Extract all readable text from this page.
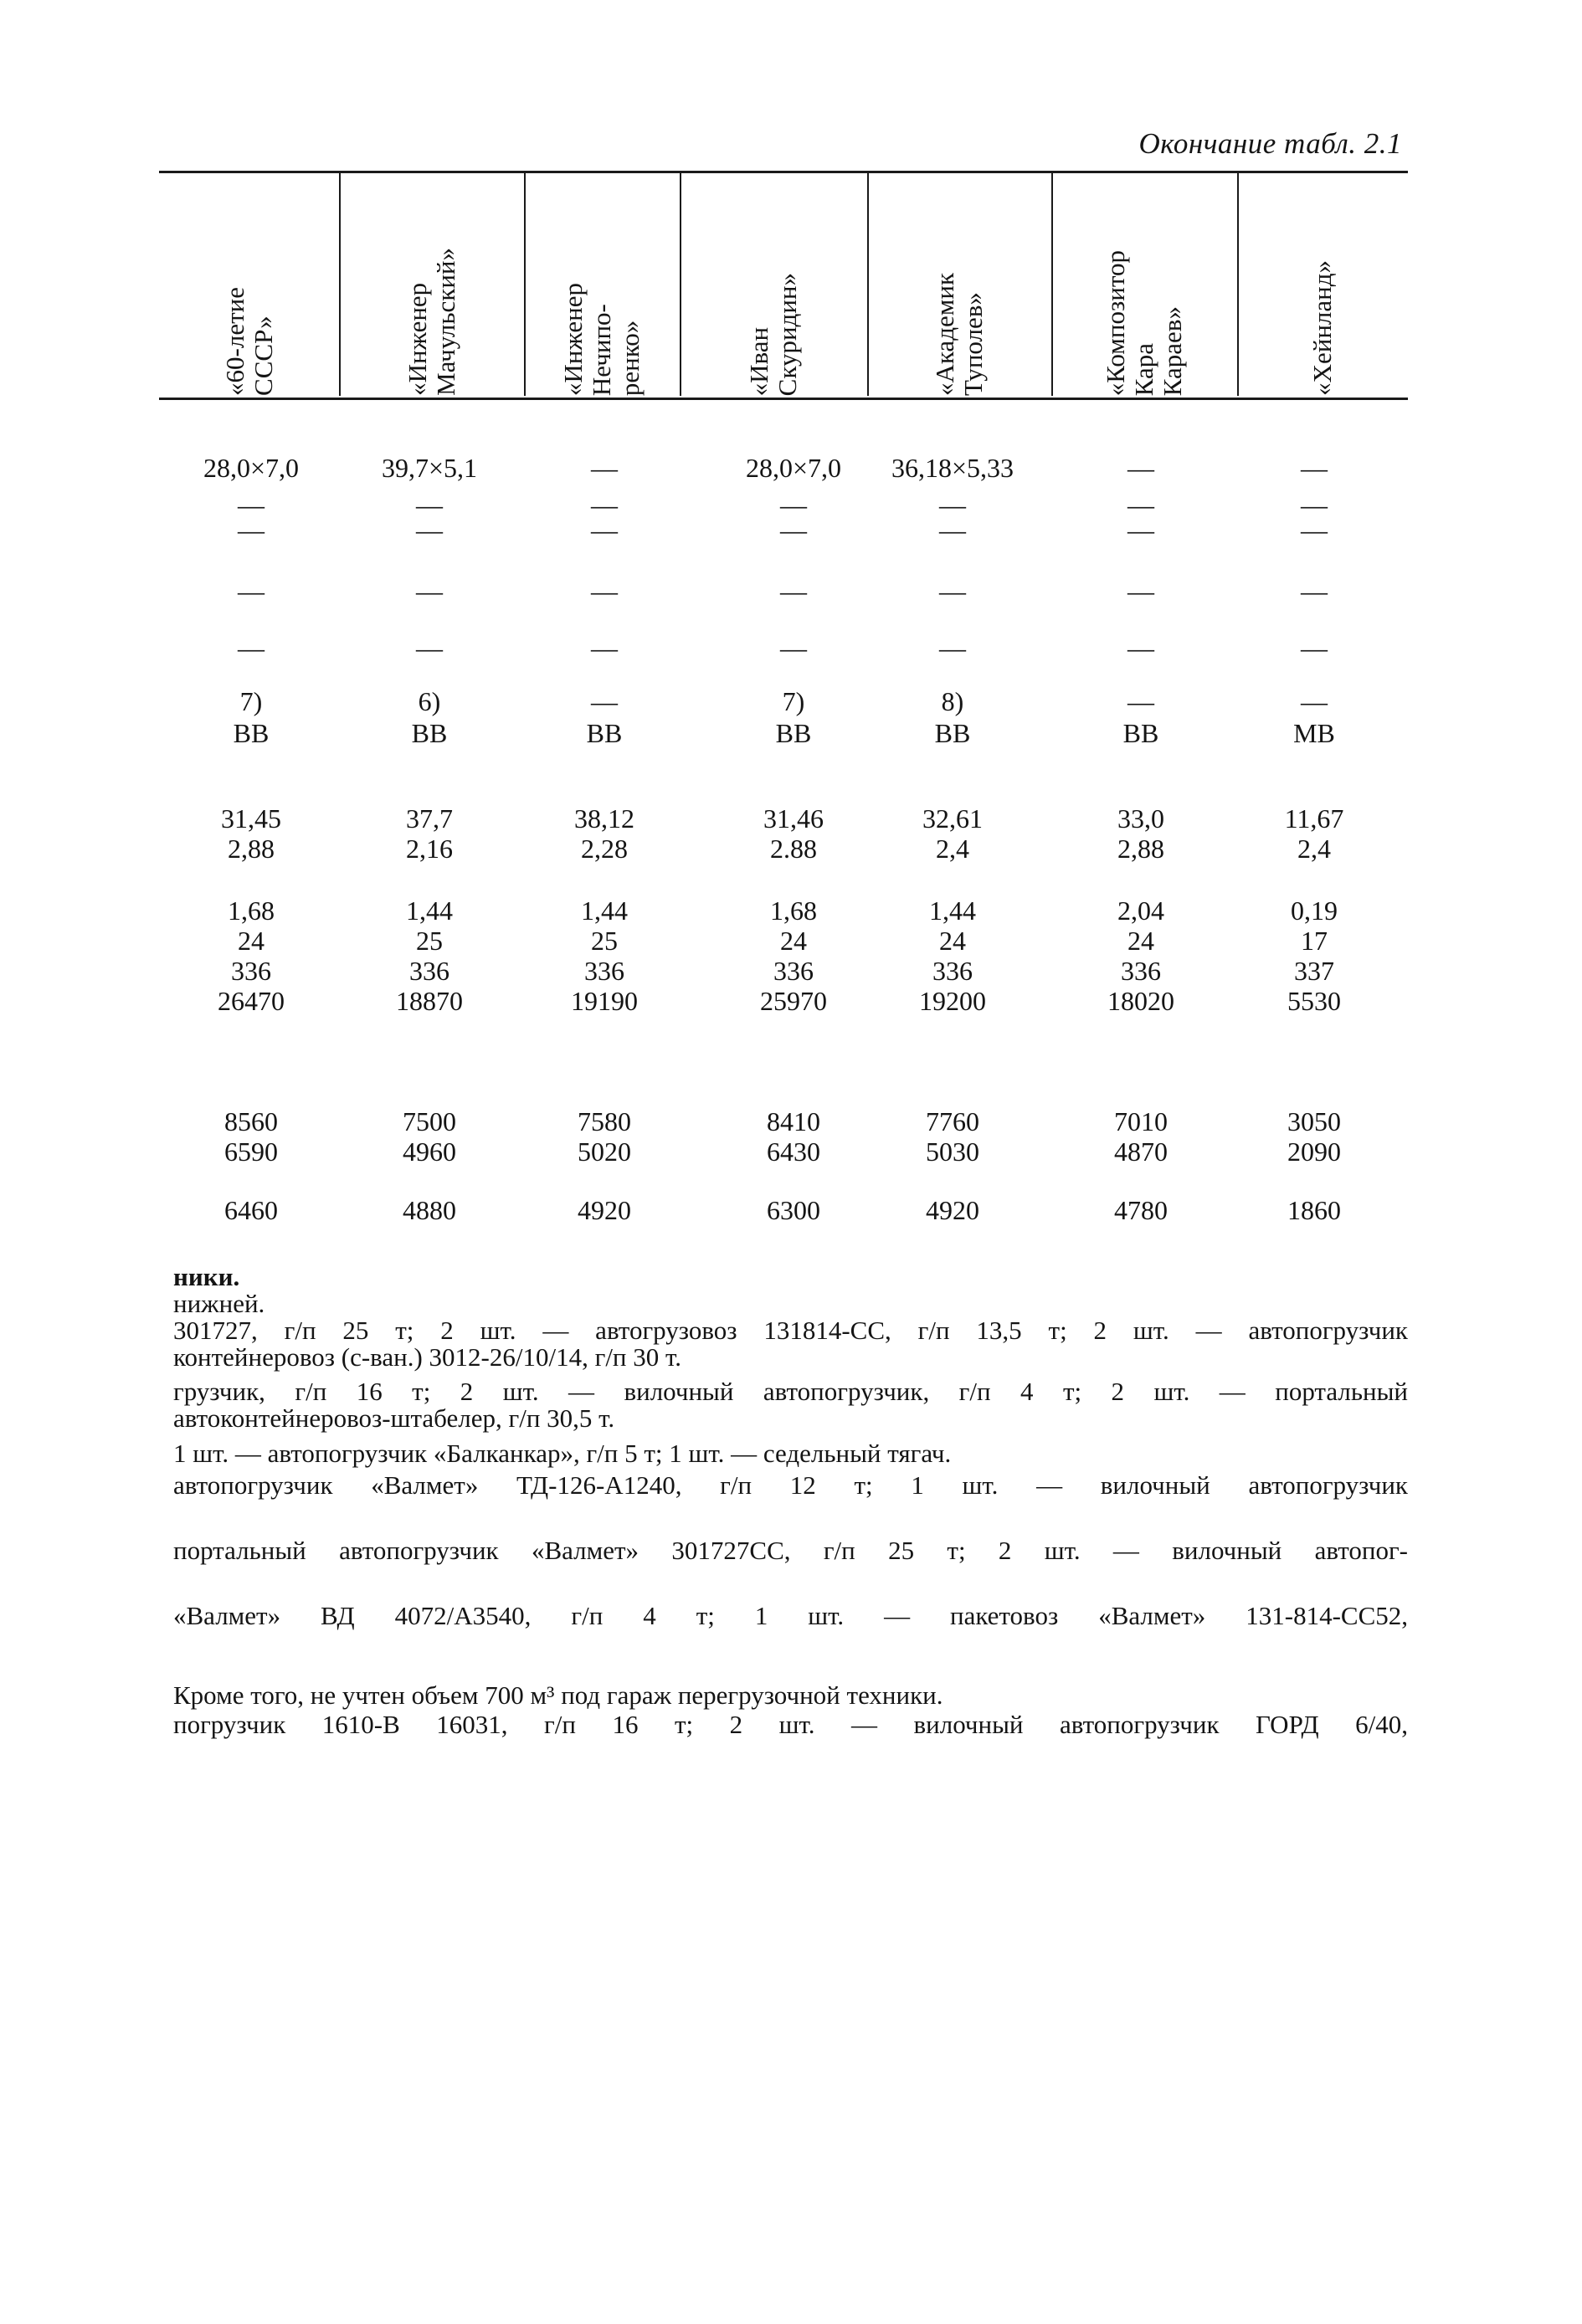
Окончание табл. 2.1
«60-летие
СССР»	«Инженер
Мачульский»	«Инженер
Нечипо-
ренко»	«Иван
Скуридин»	«Академик
Туполев»	«Композитор
Кара
Караев»	«Хейнланд»
28,0×7,0	39,7×5,1	—	28,0×7,0	36,18×5,33	—	—
—	—	—	—	—	—	—
—	—	—	—	—	—	—
—	—	—	—	—	—	—
—	—	—	—	—	—	—
7)	6)	—	7)	8)	—	—
ВВ	ВВ	ВВ	ВВ	ВВ	ВВ	МВ
31,45	37,7	38,12	31,46	32,61	33,0	11,67
2,88	2,16	2,28	2.88	2,4	2,88	2,4
1,68	1,44	1,44	1,68	1,44	2,04	0,19
24	25	25	24	24	24	17
336	336	336	336	336	336	337
26470	18870	19190	25970	19200	18020	5530
8560	7500	7580	8410	7760	7010	3050
6590	4960	5020	6430	5030	4870	2090
6460	4880	4920	6300	4920	4780	1860
ники.
нижней.
301727, г/п 25 т; 2 шт. — автогрузовоз 131814-СС, г/п 13,5 т; 2 шт. — автопогрузчик
контейнеровоз (с-ван.) 3012-26/10/14, г/п 30 т.
грузчик, г/п 16 т; 2 шт. — вилочный автопогрузчик, г/п 4 т; 2 шт. — портальный
автоконтейнеровоз-штабелер, г/п 30,5 т.
1 шт. — автопогрузчик «Балканкар», г/п 5 т; 1 шт. — седельный тягач.
автопогрузчик «Валмет» ТД-126-А1240, г/п 12 т; 1 шт. — вилочный автопогрузчик
портальный автопогрузчик «Валмет» 301727СС, г/п 25 т; 2 шт. — вилочный автопог-
«Валмет» ВД 4072/А3540, г/п 4 т; 1 шт. — пакетовоз «Валмет» 131-814-СС52,
Кроме того, не учтен объем 700 м³ под гараж перегрузочной техники.
погрузчик 1610-В 16031, г/п 16 т; 2 шт. — вилочный автопогрузчик ГОРД 6/40,
